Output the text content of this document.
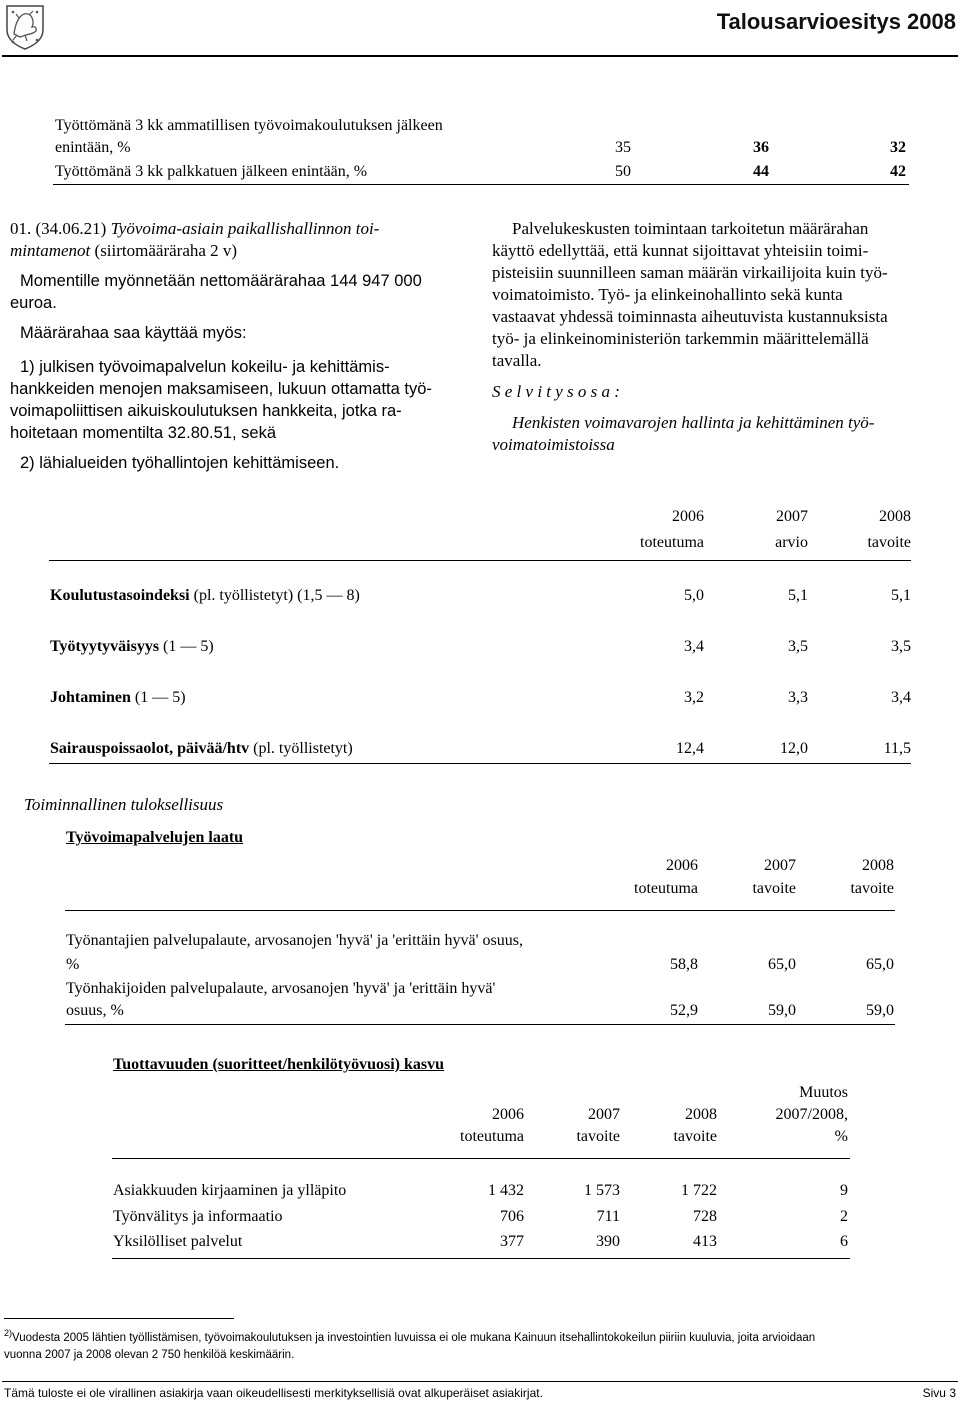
Talousarvioesitys 2008
Työttömänä 3 kk ammatillisen työvoimakoulutuksen jälkeen
enintään, %	35	36	32
Työttömänä 3 kk palkkatuen jälkeen enintään, %	50	44	42

01. (34.06.21) Työvoima-asiain paikallishallinnon toi-
mintamenot (siirtomääräraha 2 v)

Momentille myönnetään nettomäärärahaa 144 947 000
euroa.
Määrärahaa saa käyttää myös:
1) julkisen työvoimapalvelun kokeilu- ja kehittämis-
hankkeiden menojen maksamiseen, lukuun ottamatta työ-
voimapoliittisen aikuiskoulutuksen hankkeita, jotka ra-
hoitetaan momentilta 32.80.51, sekä
2) lähialueiden työhallintojen kehittämiseen.
Palvelukeskusten toimintaan tarkoitetun määrärahan
käyttö edellyttää, että kunnat sijoittavat yhteisiin toimi-
pisteisiin suunnilleen saman määrän virkailijoita kuin työ-
voimatoimisto. Työ- ja elinkeinohallinto sekä kunta
vastaavat yhdessä toiminnasta aiheutuvista kustannuksista
työ- ja elinkeinoministeriön tarkemmin määrittelemällä
tavalla.
S e l v i t y s o s a :
Henkisten voimavarojen hallinta ja kehittäminen työ-
voimatoimistoissa
2006	2007	2008
toteutuma	arvio	tavoite
Koulutustasoindeksi (pl. työllistetyt) (1,5 — 8)	5,0	5,1	5,1
Työtyytyväisyys (1 — 5)	3,4	3,5	3,5
Johtaminen (1 — 5)	3,2	3,3	3,4
Sairauspoissaolot, päivää/htv (pl. työllistetyt)	12,4	12,0	11,5
Toiminnallinen tuloksellisuus
Työvoimapalvelujen laatu
2006	2007	2008
toteutuma	tavoite	tavoite
Työnantajien palvelupalaute, arvosanojen 'hyvä' ja 'erittäin hyvä' osuus,
%	58,8	65,0	65,0
Työnhakijoiden palvelupalaute, arvosanojen 'hyvä' ja 'erittäin hyvä'
osuus, %	52,9	59,0	59,0
Tuottavuuden (suoritteet/henkilötyövuosi) kasvu
Muutos
2006	2007	2008	2007/2008,
toteutuma	tavoite	tavoite	%
Asiakkuuden kirjaaminen ja ylläpito	1 432	1 573	1 722	9
Työnvälitys ja informaatio	706	711	728	2
Yksilölliset palvelut	377	390	413	6
$^{2)}$Vuodesta 2005 lähtien työllistämisen, työvoimakoulutuksen ja investointien luvuissa ei ole mukana Kainuun itsehallintokokeilun piiriin kuuluvia, joita arvioidaan
vuonna 2007 ja 2008 olevan 2 750 henkilöä keskimäärin.
Tämä tuloste ei ole virallinen asiakirja vaan oikeudellisesti merkityksellisiä ovat alkuperäiset asiakirjat.	Sivu 3
